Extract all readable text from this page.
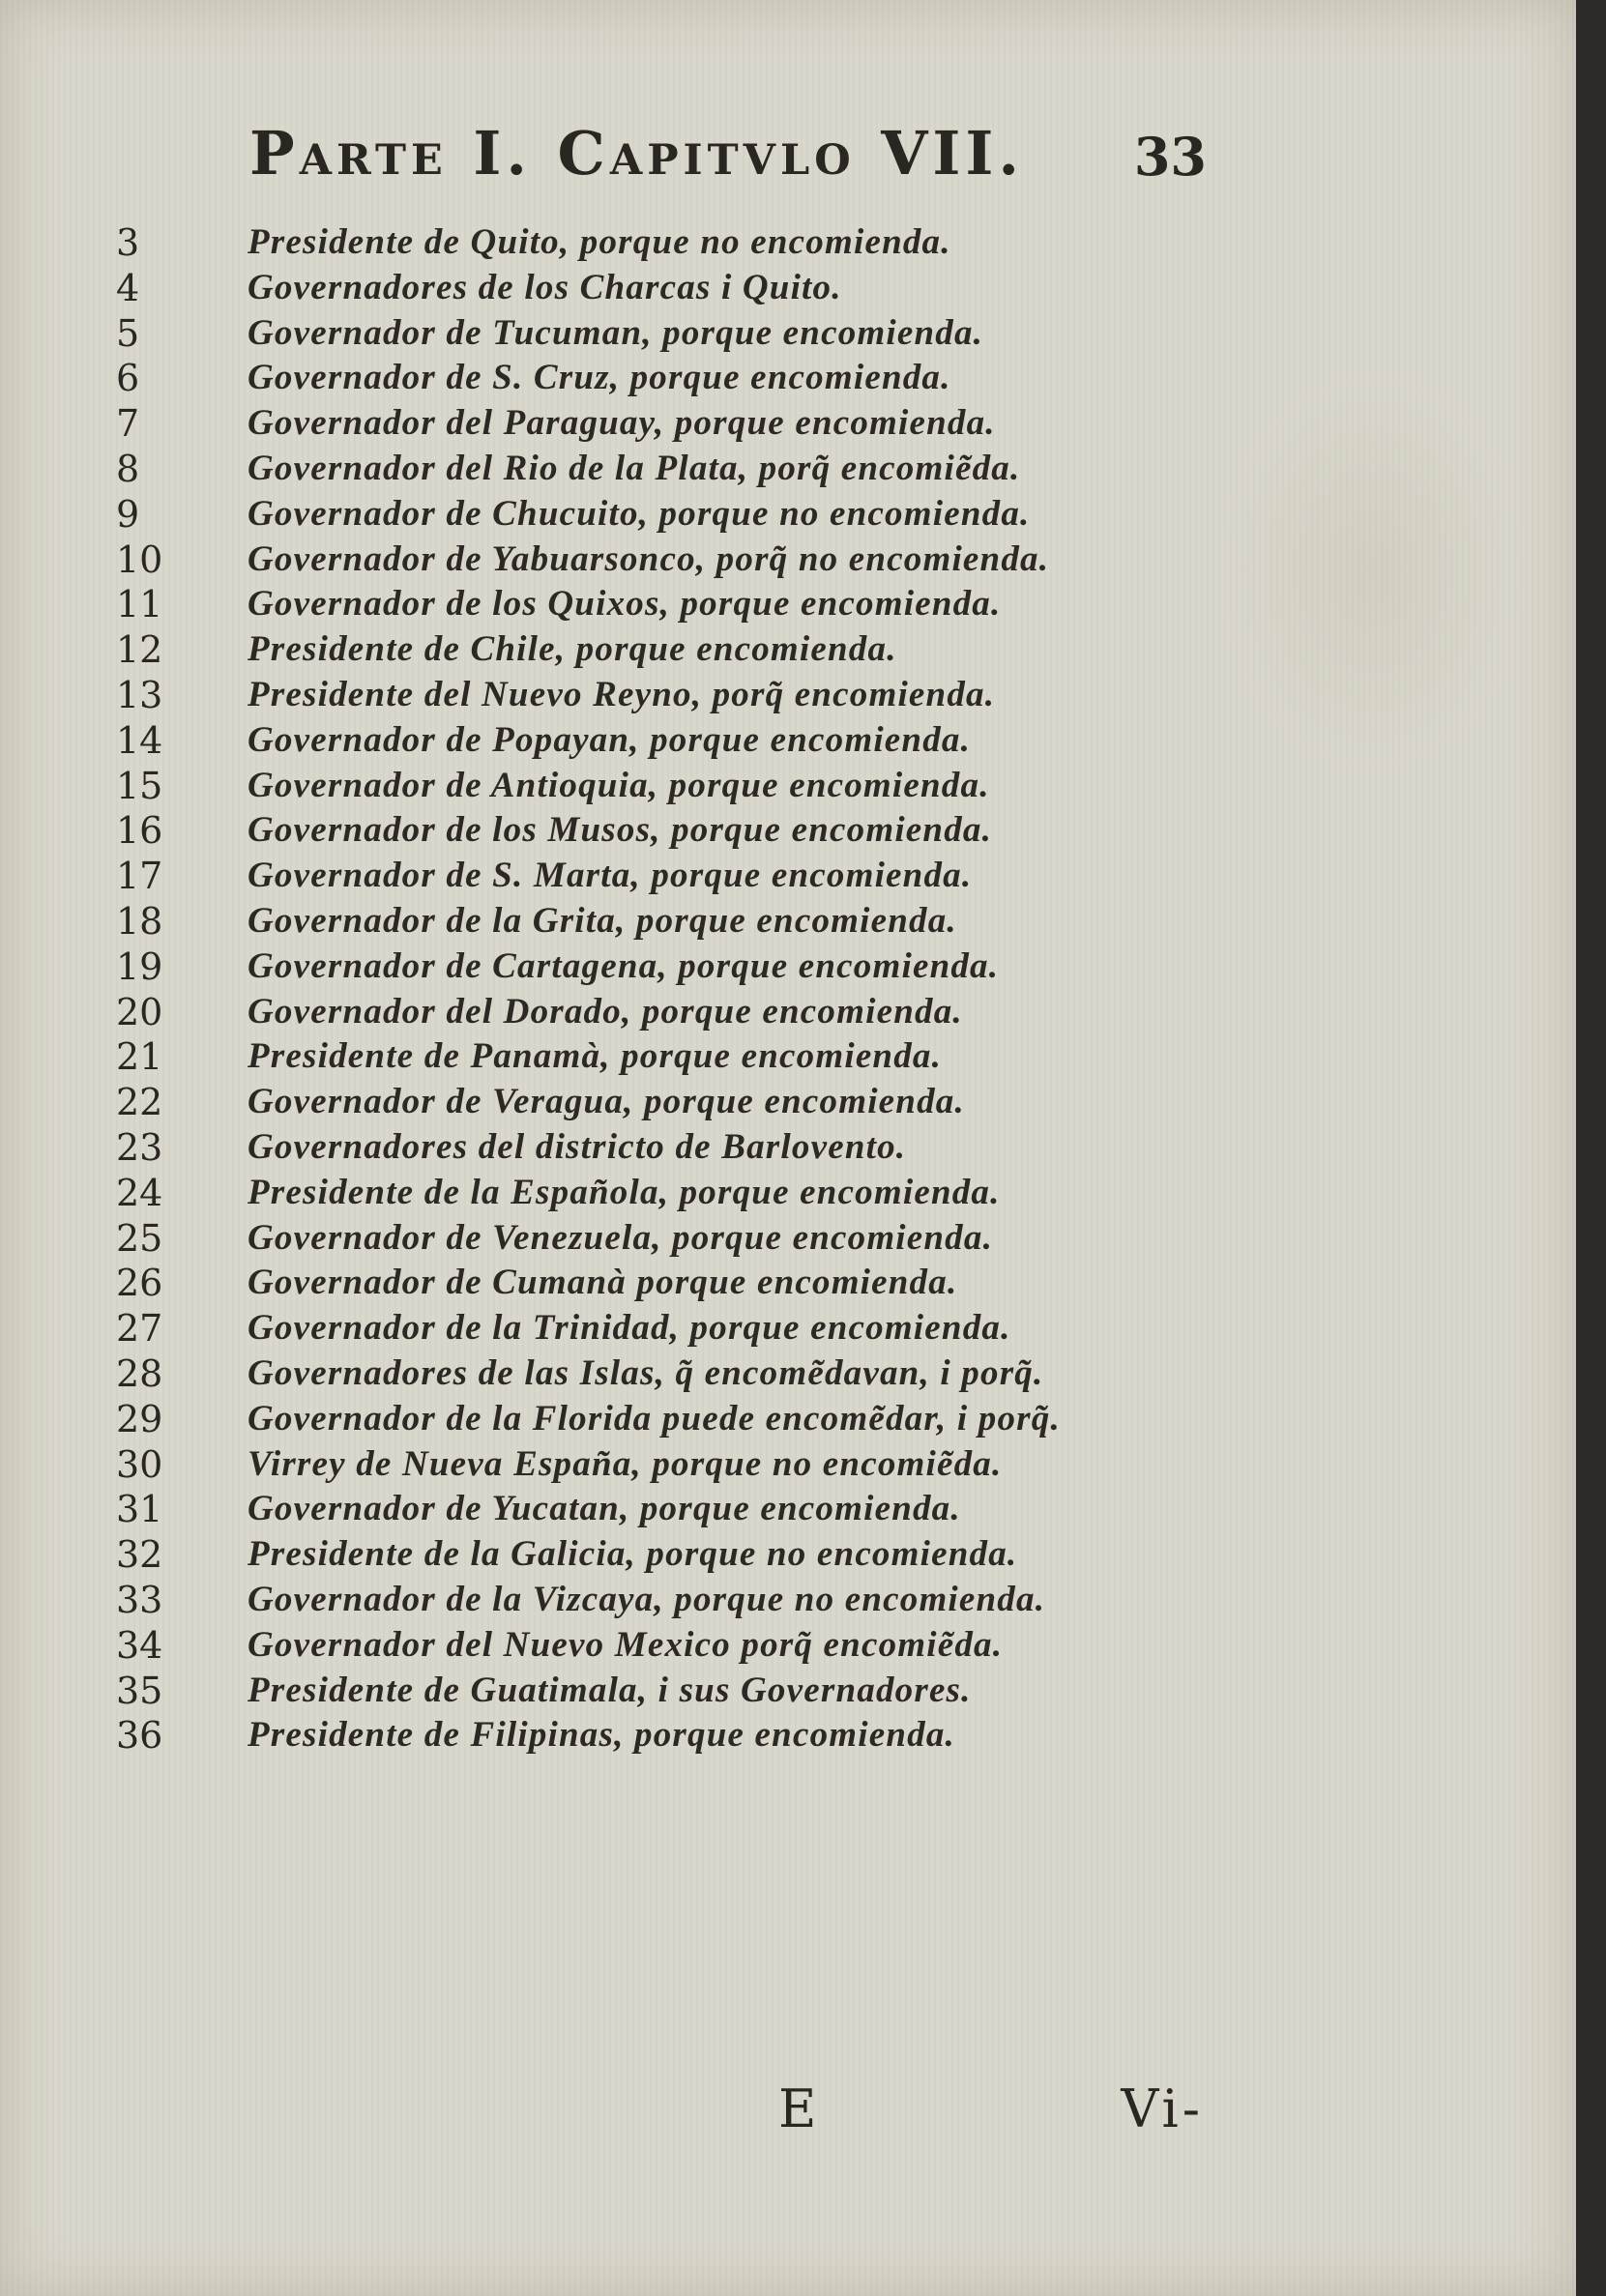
Parte I. Capitvlo VII. 33
3	Presidente de Quito, porque no encomienda.
4	Governadores de los Charcas i Quito.
5	Governador de Tucuman, porque encomienda.
6	Governador de S. Cruz, porque encomienda.
7	Governador del Paraguay, porque encomienda.
8	Governador del Rio de la Plata, porq̃ encomiẽda.
9	Governador de Chucuito, porque no encomienda.
10	Governador de Yabuarsonco, porq̃ no encomienda.
11	Governador de los Quixos, porque encomienda.
12	Presidente de Chile, porque encomienda.
13	Presidente del Nuevo Reyno, porq̃ encomienda.
14	Governador de Popayan, porque encomienda.
15	Governador de Antioquia, porque encomienda.
16	Governador de los Musos, porque encomienda.
17	Governador de S. Marta, porque encomienda.
18	Governador de la Grita, porque encomienda.
19	Governador de Cartagena, porque encomienda.
20	Governador del Dorado, porque encomienda.
21	Presidente de Panamà, porque encomienda.
22	Governador de Veragua, porque encomienda.
23	Governadores del districto de Barlovento.
24	Presidente de la Española, porque encomienda.
25	Governador de Venezuela, porque encomienda.
26	Governador de Cumanà porque encomienda.
27	Governador de la Trinidad, porque encomienda.
28	Governadores de las Islas, q̃ encomẽdavan, i porq̃.
29	Governador de la Florida puede encomẽdar, i porq̃.
30	Virrey de Nueva España, porque no encomiẽda.
31	Governador de Yucatan, porque encomienda.
32	Presidente de la Galicia, porque no encomienda.
33	Governador de la Vizcaya, porque no encomienda.
34	Governador del Nuevo Mexico porq̃ encomiẽda.
35	Presidente de Guatimala, i sus Governadores.
36	Presidente de Filipinas, porque encomienda.
E	Vi-
